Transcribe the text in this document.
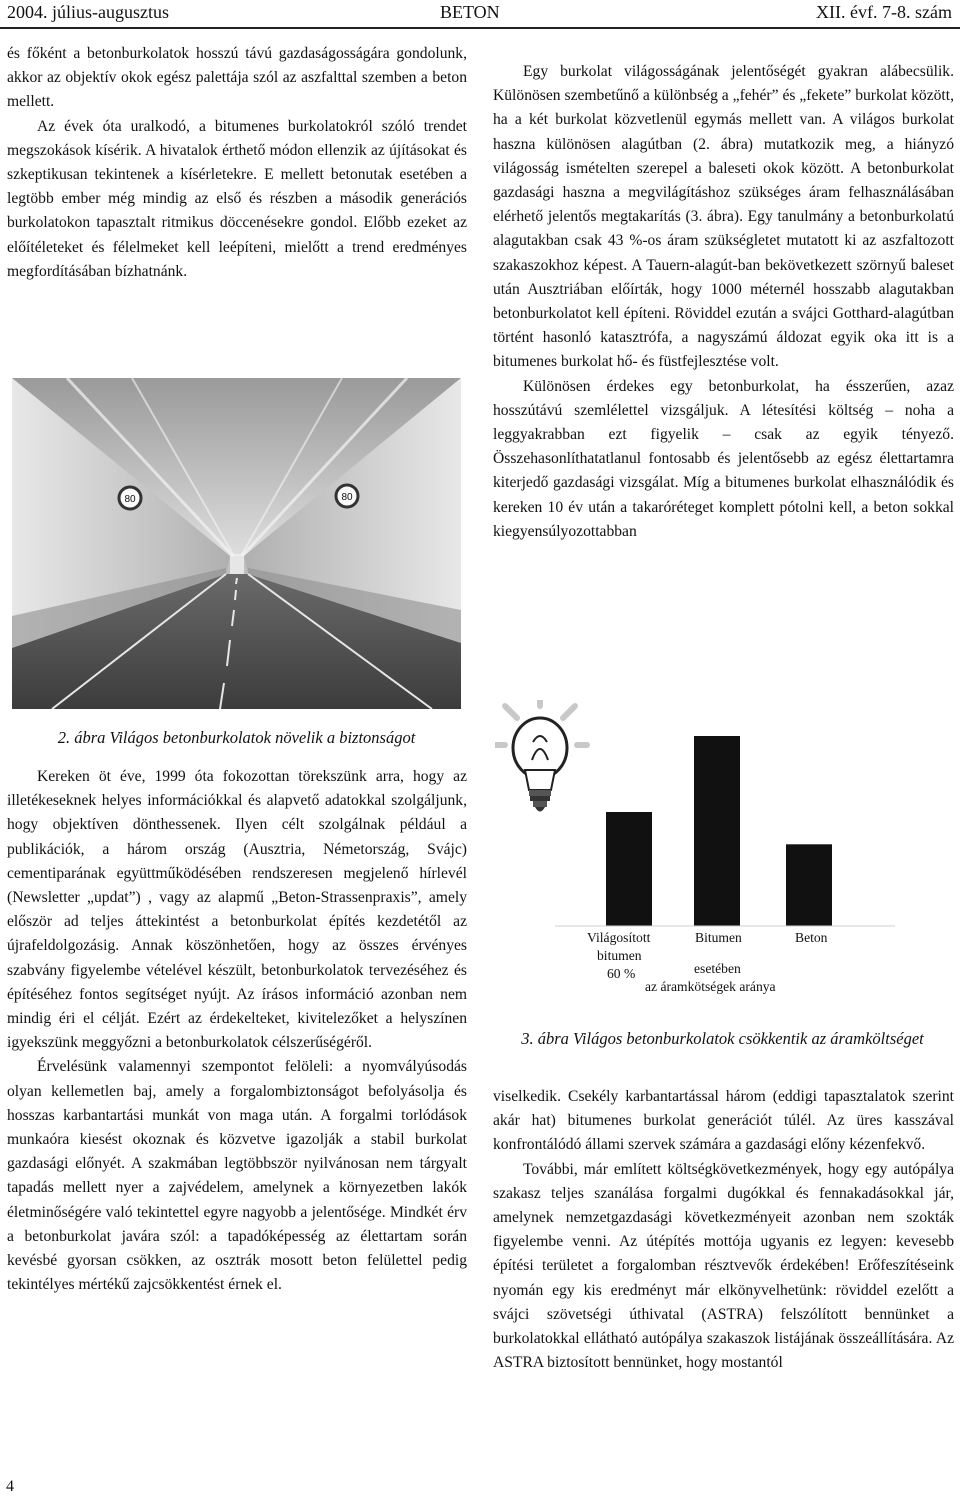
2004. július-augusztus	BETON	XII. évf. 7-8. szám

és főként a betonburkolatok hosszú távú gazdaságosságára gondolunk, akkor az objektív okok egész palettája szól az aszfalttal szemben a beton mellett.

Az évek óta uralkodó, a bitumenes burkolatokról szóló trendet megszokások kísérik. A hivatalok érthető módon ellenzik az újításokat és szkeptikusan tekintenek a kísérletekre. E mellett betonutak esetében a legtöbb ember még mindig az első és részben a második generációs burkolatokon tapasztalt ritmikus döccenésekre gondol. Előbb ezeket az előítéleteket és félelmeket kell leépíteni, mielőtt a trend eredményes megfordításában bízhatnánk.

80	80
2. ábra Világos betonburkolatok növelik a biztonságot

Kereken öt éve, 1999 óta fokozottan törekszünk arra, hogy az illetékeseknek helyes információkkal és alapvető adatokkal szolgáljunk, hogy objektíven dönthessenek. Ilyen célt szolgálnak például a publikációk, a három ország (Ausztria, Németország, Svájc) cementiparának együttműködésében rendszeresen megjelenő hírlevél (Newsletter „updat”) , vagy az alapmű „Beton-Strassenpraxis”, amely először ad teljes áttekintést a betonburkolat építés kezdetétől az újrafeldolgozásig. Annak köszönhetően, hogy az összes érvényes szabvány figyelembe vételével készült, betonburkolatok tervezéséhez és építéséhez fontos segítséget nyújt. Az írásos információ azonban nem mindig éri el célját. Ezért az érdekelteket, kivitelezőket a helyszínen igyekszünk meggyőzni a betonburkolatok célszerűségéről.

Érvelésünk valamennyi szempontot felöleli: a nyomvályúsodás olyan kellemetlen baj, amely a forgalombiztonságot befolyásolja és hosszas karbantartási munkát von maga után. A forgalmi torlódások munkaóra kiesést okoznak és közvetve igazolják a stabil burkolat gazdasági előnyét. A szakmában legtöbbször nyilvánosan nem tárgyalt tapadás mellett nyer a zajvédelem, amelynek a környezetben lakók életminőségére való tekintettel egyre nagyobb a jelentősége. Mindkét érv a betonburkolat javára szól: a tapadóképesség az élettartam során kevésbé gyorsan csökken, az osztrák mosott beton felülettel pedig tekintélyes mértékű zajcsökkentést érnek el.

Egy burkolat világosságának jelentőségét gyakran alábecsülik. Különösen szembetűnő a különbség a „fehér” és „fekete” burkolat között, ha a két burkolat közvetlenül egymás mellett van. A világos burkolat haszna különösen alagútban (2. ábra) mutatkozik meg, a hiányzó világosság ismételten szerepel a baleseti okok között. A betonburkolat gazdasági haszna a megvilágításhoz szükséges áram felhasználásában elérhető jelentős megtakarítás (3. ábra). Egy tanulmány a betonburkolatú alagutakban csak 43 %-os áram szükségletet mutatott ki az aszfaltozott szakaszokhoz képest. A Tauern-alagút-ban bekövetkezett szörnyű baleset után Ausztriában előírták, hogy 1000 méternél hosszabb alagutakban betonburkolatot kell építeni. Röviddel ezután a svájci Gotthard-alagútban történt hasonló katasztrófa, a nagyszámú áldozat egyik oka itt is a bitumenes burkolat hő- és füstfejlesztése volt.

Különösen érdekes egy betonburkolat, ha ésszerűen, azaz hosszútávú szemlélettel vizsgáljuk. A létesítési költség – noha a leggyakrabban ezt figyelik – csak az egyik tényező. Összehasonlíthatatlanul fontosabb és jelentősebb az egész élettartamra kiterjedő gazdasági vizsgálat. Míg a bitumenes burkolat elhasználódik és kereken 10 év után a takaróréteget komplett pótolni kell, a beton sokkal kiegyensúlyozottabban

Világosított
bitumen
60 %
Bitumen
esetében
Beton
az áramkötségek aránya
3. ábra Világos betonburkolatok csökkentik az áramköltséget

viselkedik. Csekély karbantartással három (eddigi tapasztalatok szerint akár hat) bitumenes burkolat generációt túlél. Az üres kasszával konfrontálódó állami szervek számára a gazdasági előny kézenfekvő.

További, már említett költségkövetkezmények, hogy egy autópálya szakasz teljes szanálása forgalmi dugókkal és fennakadásokkal jár, amelynek nemzetgazdasági következményeit azonban nem szokták figyelembe venni. Az útépítés mottója ugyanis ez legyen: kevesebb építési területet a forgalomban résztvevők érdekében! Erőfeszítéseink nyomán egy kis eredményt már elkönyvelhetünk: röviddel ezelőtt a svájci szövetségi úthivatal (ASTRA) felszólított bennünket a burkolatokkal ellátható autópálya szakaszok listájának összeállítására. Az ASTRA biztosított bennünket, hogy mostantól

4
